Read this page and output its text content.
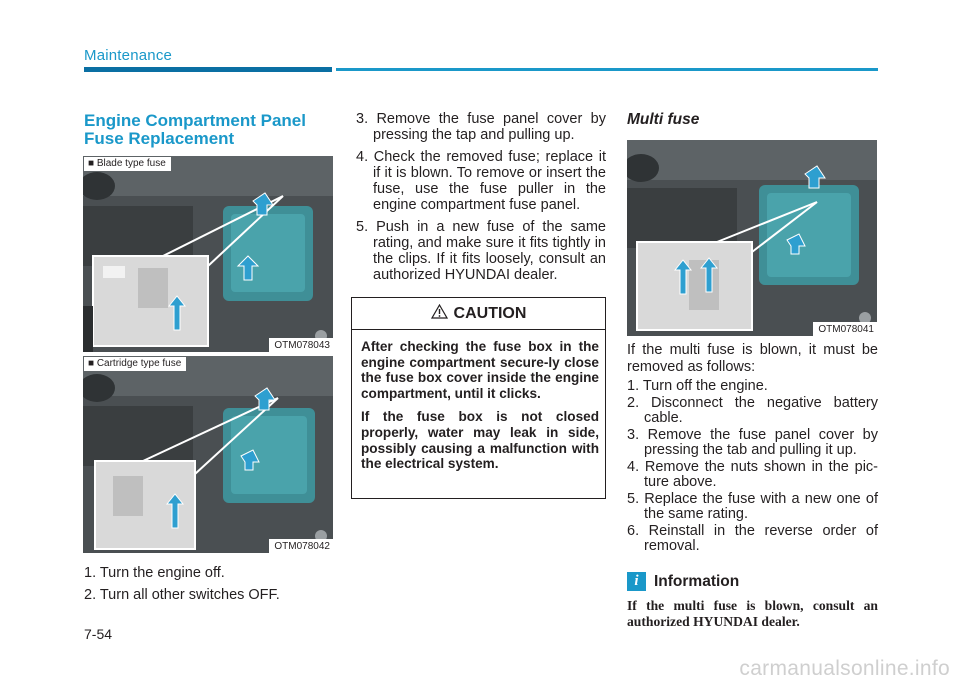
Maintenance
Engine Compartment Panel Fuse Replacement
■ Blade type fuse
OTM078043
■ Cartridge type fuse
OTM078042
1. Turn the engine off.
2. Turn all other switches OFF.
3. Remove the fuse panel cover by pressing the tap and pulling up.
4. Check the removed fuse; replace it if it is blown. To remove or insert the fuse, use the fuse puller in the engine compartment fuse panel.
5. Push in a new fuse of the same rating, and make sure it fits tightly in the clips. If it fits loosely, consult an authorized HYUNDAI dealer.
CAUTION

After checking the fuse box in the engine compartment secure-ly close the fuse box cover inside the engine compartment, until it clicks.

If the fuse box is not closed properly, water may leak in side, possibly causing a malfunction with the electrical system.

Multi fuse
OTM078041
If the multi fuse is blown, it must be removed as follows:
1. Turn off the engine.
2. Disconnect the negative battery cable.
3. Remove the fuse panel cover by pressing the tab and pulling it up.
4. Remove the nuts shown in the pic-ture above.
5. Replace the fuse with a new one of the same rating.
6. Reinstall in the reverse order of removal.
i Information
If the multi fuse is blown, consult an authorized HYUNDAI dealer.
7-54
carmanualsonline.info
